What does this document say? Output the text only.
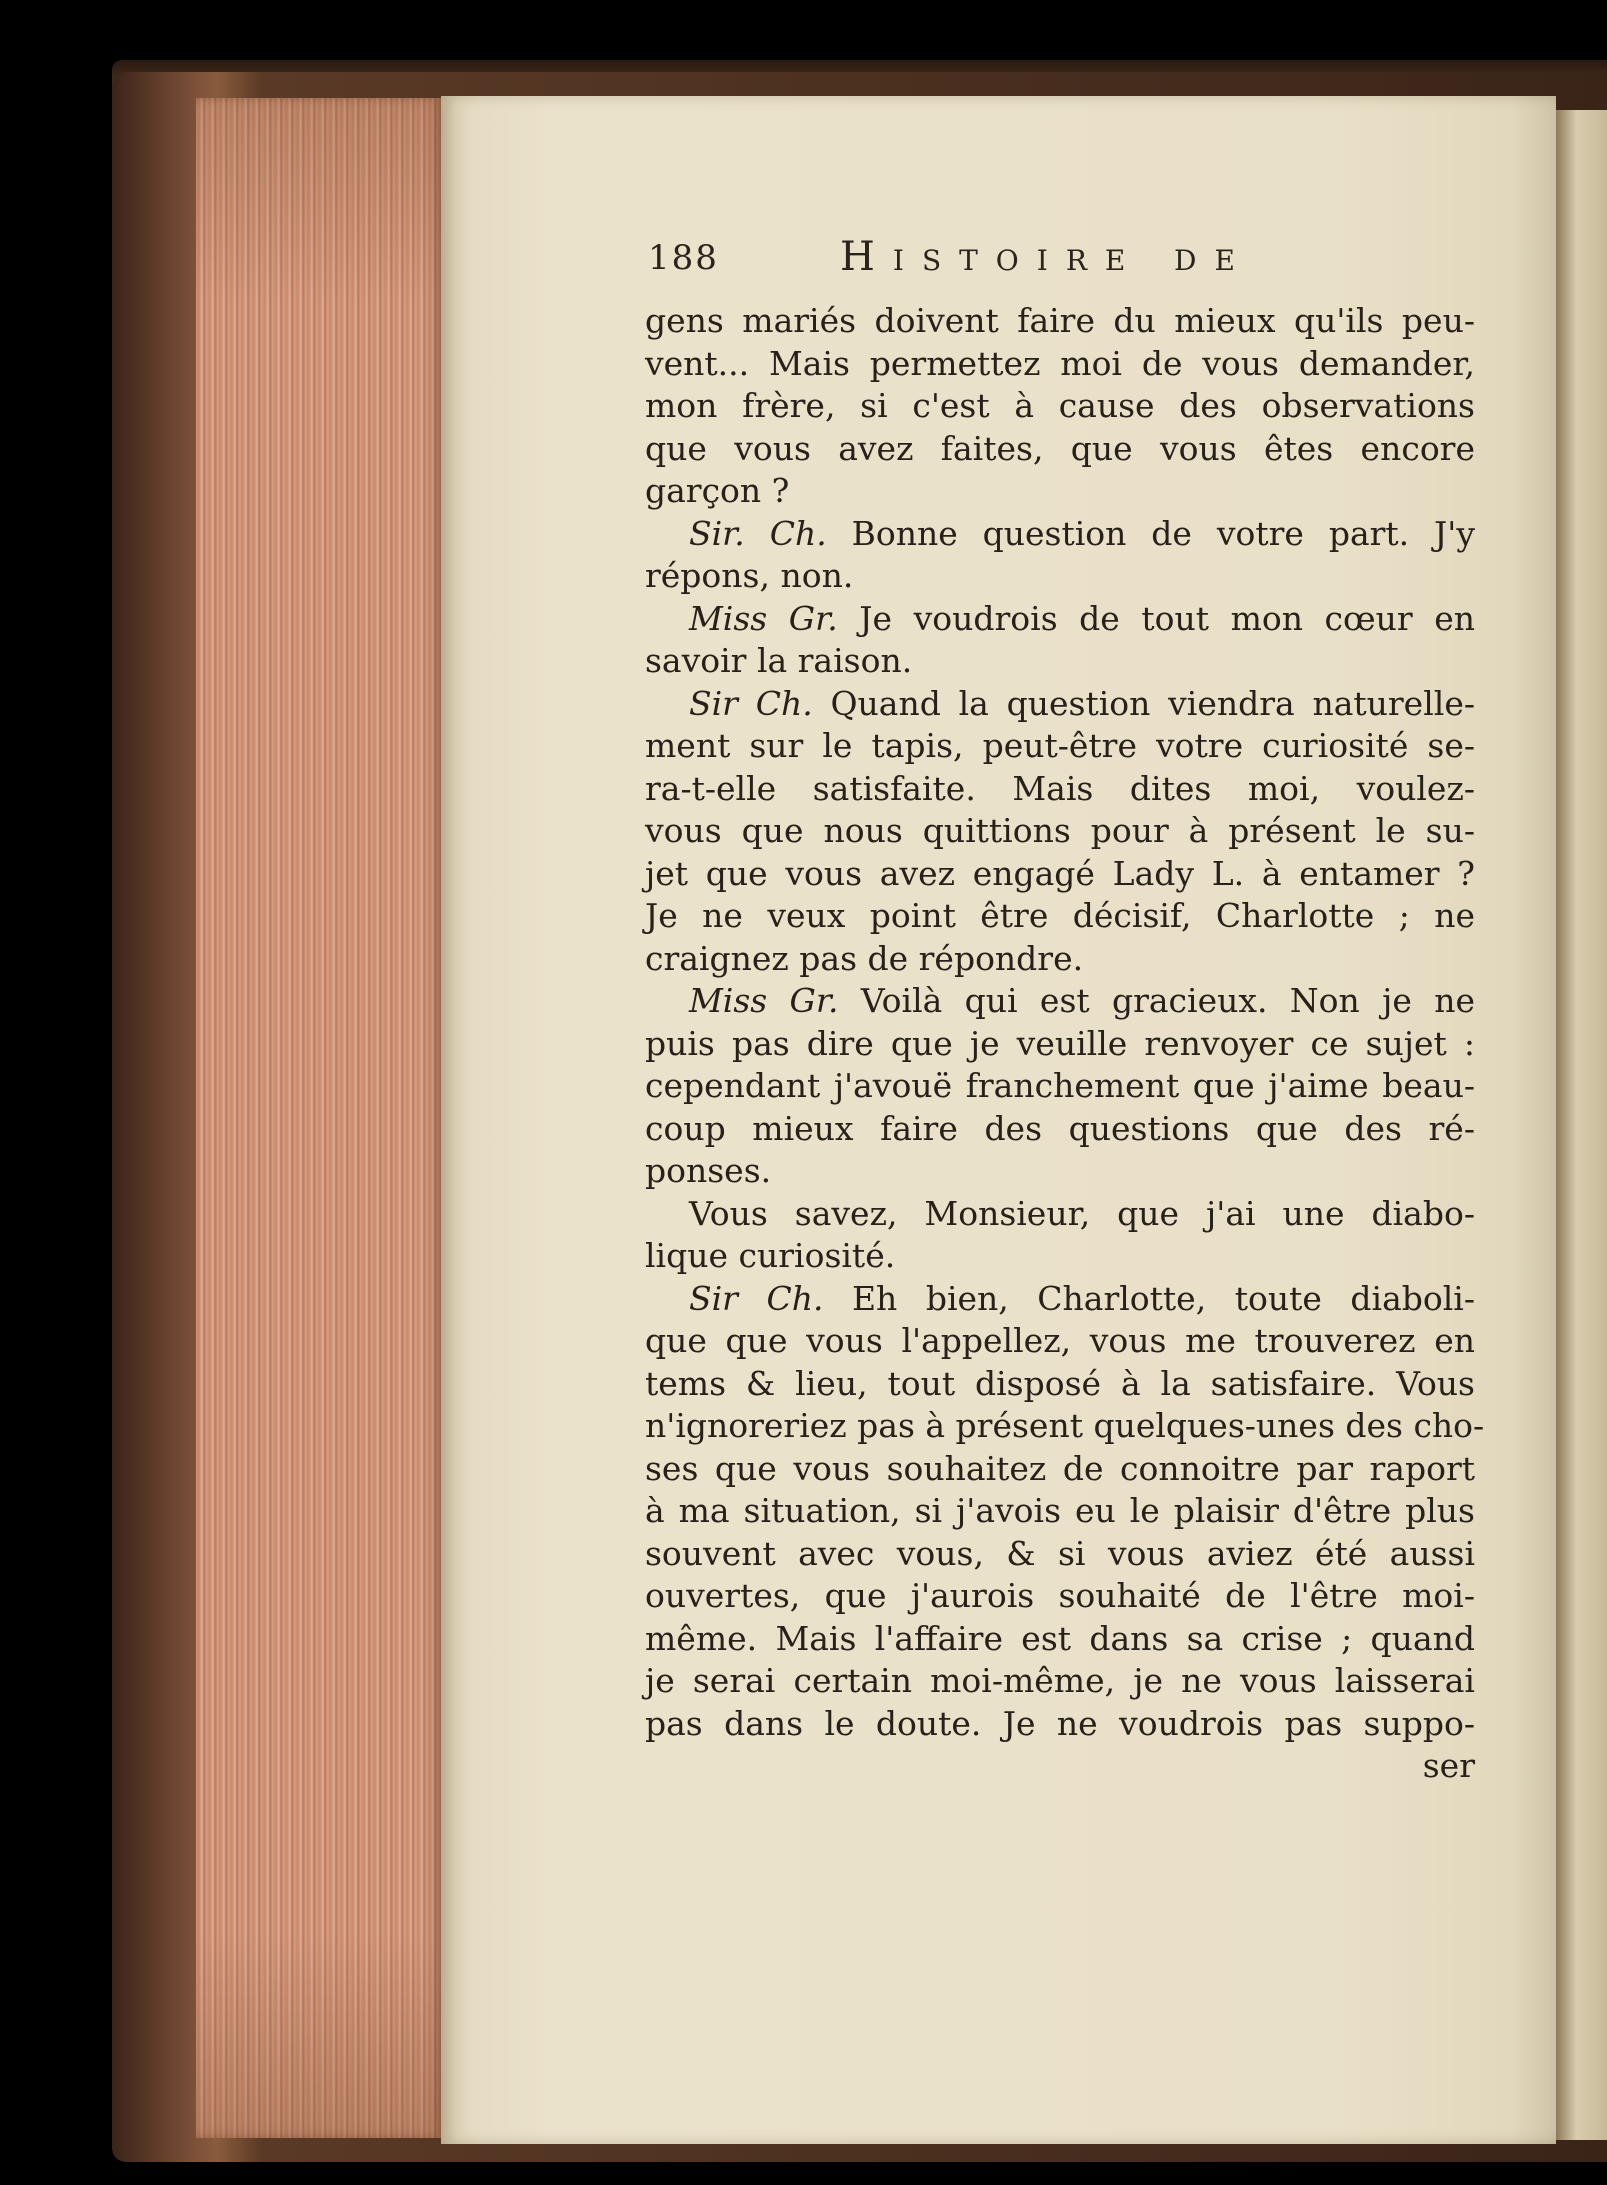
188	Histoire de
gens mariés doivent faire du mieux qu'ils peu-
vent... Mais permettez moi de vous demander,
mon frère, si c'est à cause des observations
que vous avez faites, que vous êtes encore
garçon ?
Sir. Ch. Bonne question de votre part. J'y
répons, non.
Miss Gr. Je voudrois de tout mon cœur en
savoir la raison.
Sir Ch. Quand la question viendra naturelle-
ment sur le tapis, peut-être votre curiosité se-
ra-t-elle satisfaite. Mais dites moi, voulez-
vous que nous quittions pour à présent le su-
jet que vous avez engagé Lady L. à entamer ?
Je ne veux point être décisif, Charlotte ; ne
craignez pas de répondre.
Miss Gr. Voilà qui est gracieux. Non je ne
puis pas dire que je veuille renvoyer ce sujet :
cependant j'avouë franchement que j'aime beau-
coup mieux faire des questions que des ré-
ponses.
Vous savez, Monsieur, que j'ai une diabo-
lique curiosité.
Sir Ch. Eh bien, Charlotte, toute diaboli-
que que vous l'appellez, vous me trouverez en
tems & lieu, tout disposé à la satisfaire. Vous
n'ignoreriez pas à présent quelques-unes des cho-
ses que vous souhaitez de connoitre par raport
à ma situation, si j'avois eu le plaisir d'être plus
souvent avec vous, & si vous aviez été aussi
ouvertes, que j'aurois souhaité de l'être moi-
même. Mais l'affaire est dans sa crise ; quand
je serai certain moi-même, je ne vous laisserai
pas dans le doute. Je ne voudrois pas suppo-
ser
